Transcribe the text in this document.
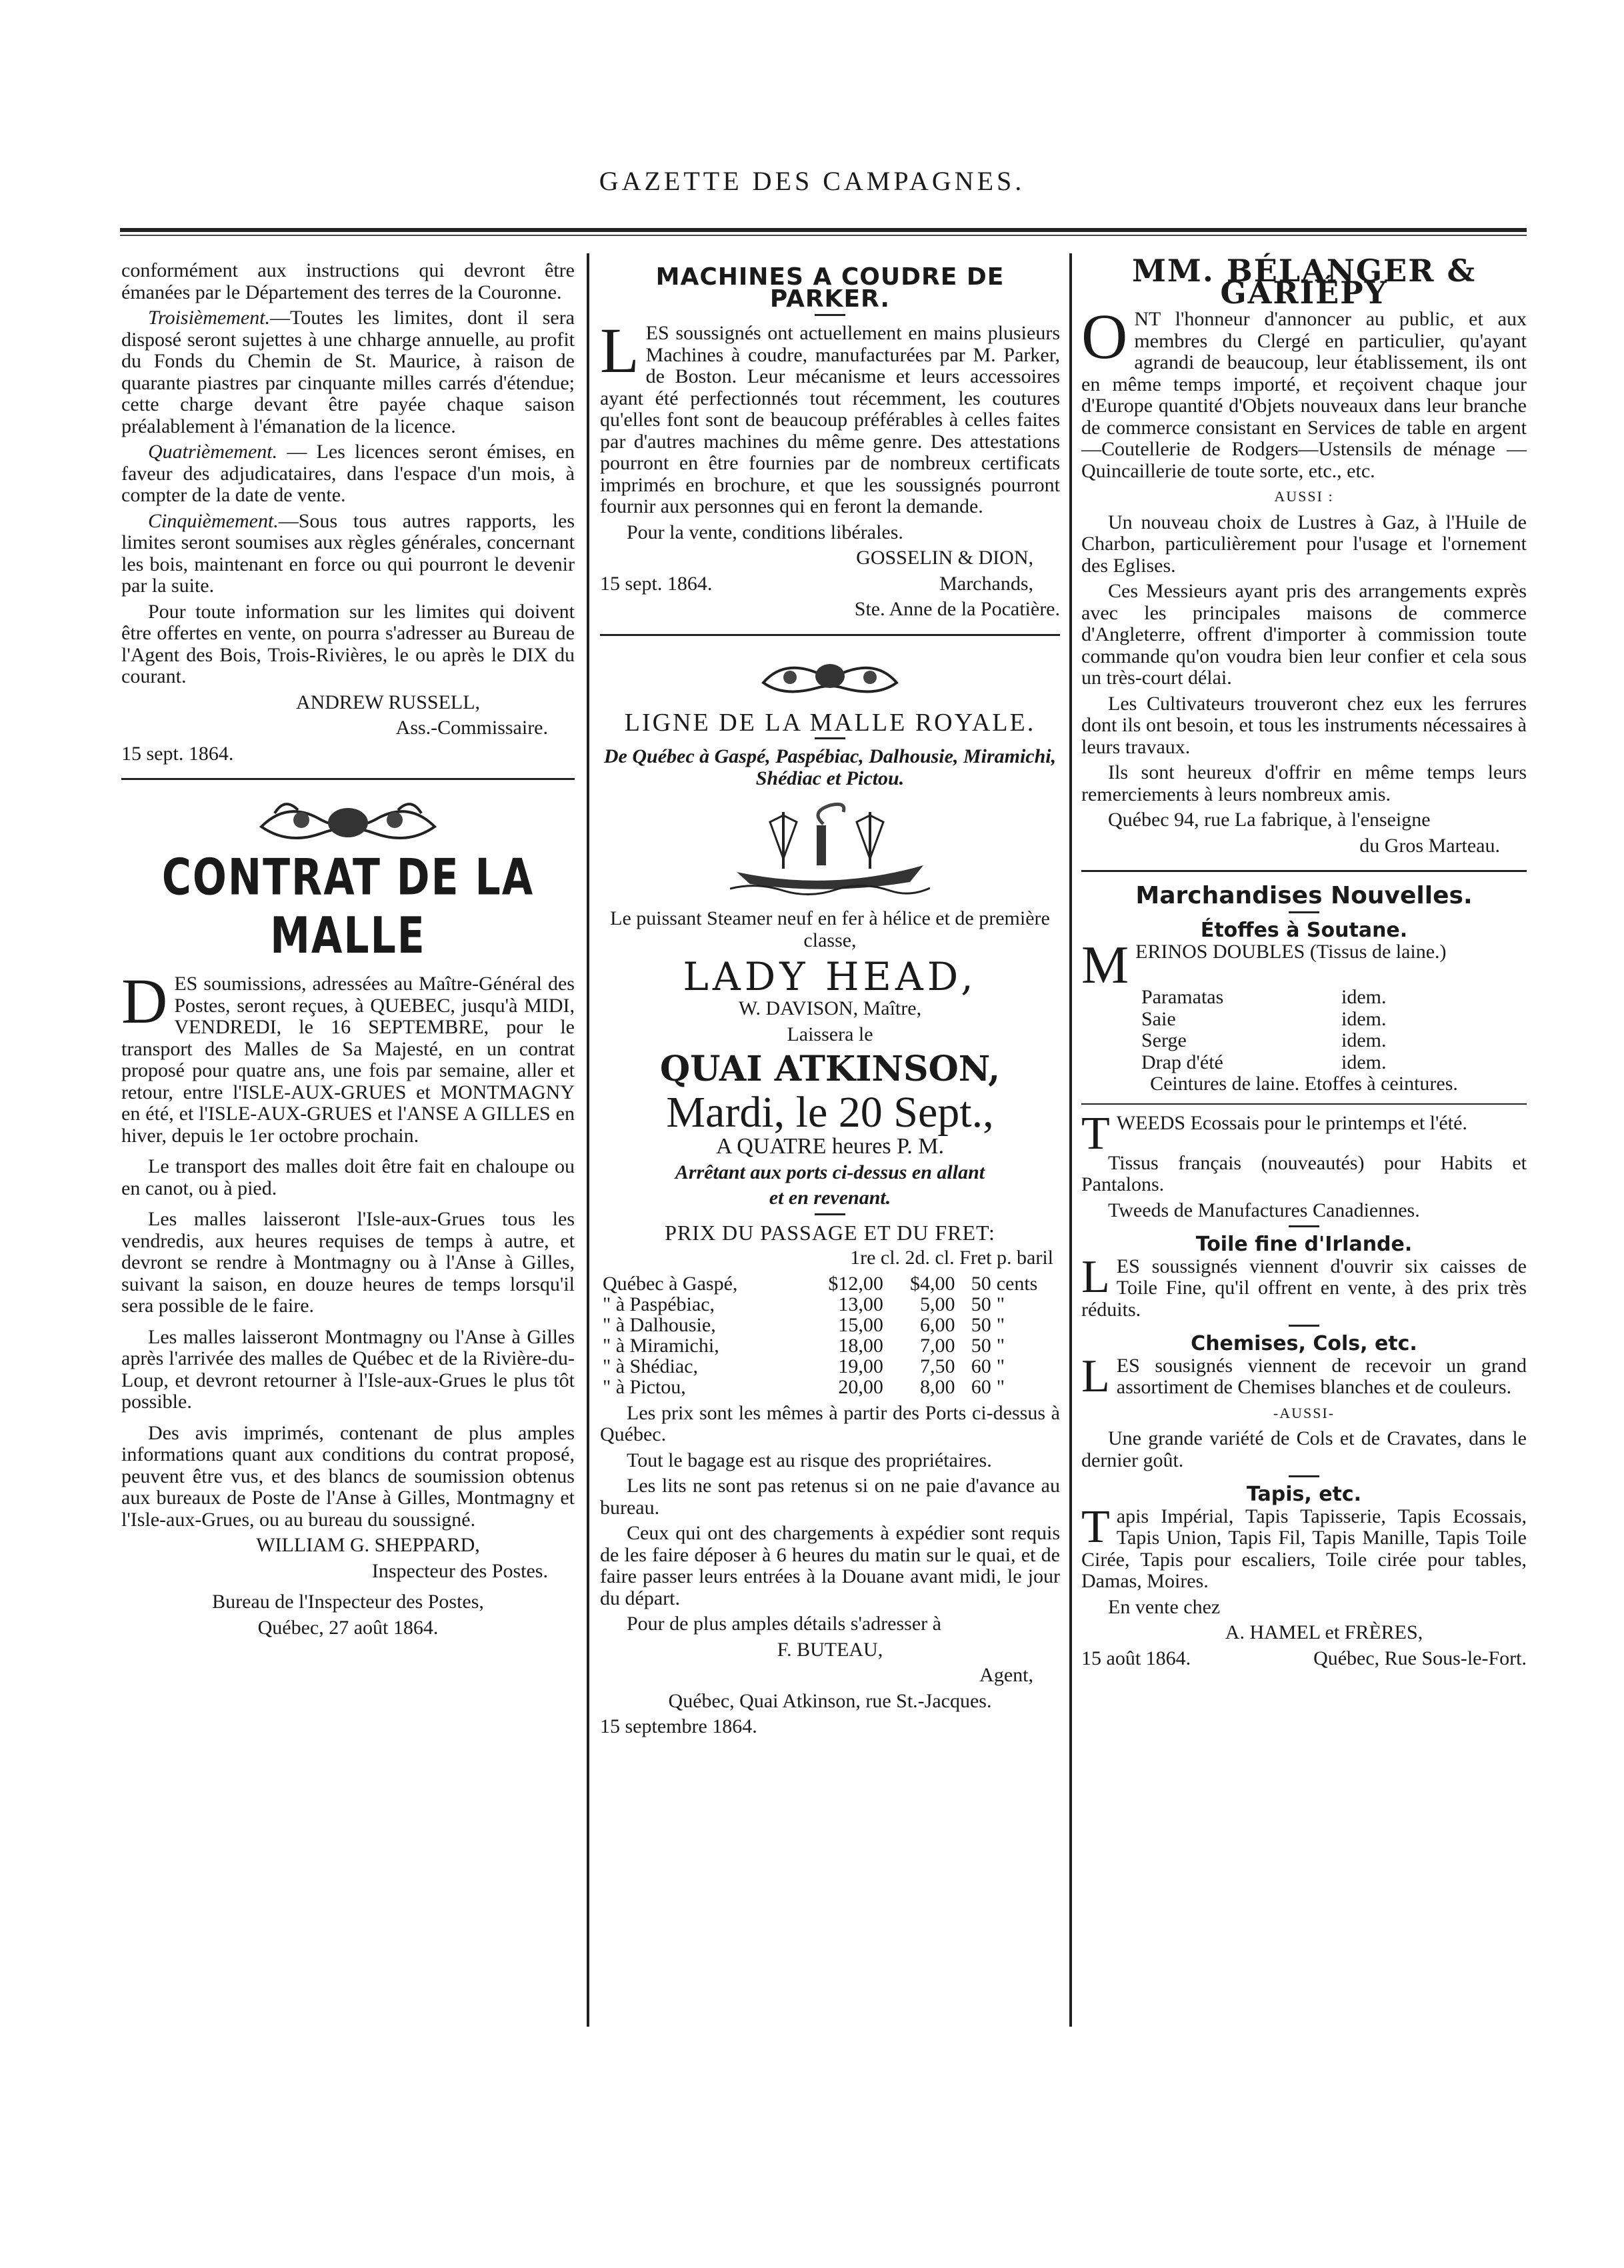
GAZETTE DES CAMPAGNES.

conformément aux instructions qui devront être émanées par le Département des terres de la Couronne.

Troisièmement.—Toutes les limites, dont il sera disposé seront sujettes à une chharge annuelle, au profit du Fonds du Chemin de St. Maurice, à raison de quarante piastres par cinquante milles carrés d'étendue; cette charge devant être payée chaque saison préalablement à l'émanation de la licence.

Quatrièmement. — Les licences seront émises, en faveur des adjudicataires, dans l'espace d'un mois, à compter de la date de vente.

Cinquièmement.—Sous tous autres rapports, les limites seront soumises aux règles générales, concernant les bois, maintenant en force ou qui pourront le devenir par la suite.

Pour toute information sur les limites qui doivent être offertes en vente, on pourra s'adresser au Bureau de l'Agent des Bois, Trois-Rivières, le ou après le DIX du courant.

ANDREW RUSSELL,

Ass.-Commissaire.

15 sept. 1864.

CONTRAT DE LA MALLE

DES soumissions, adressées au Maître-Général des Postes, seront reçues, à QUEBEC, jusqu'à MIDI, VENDREDI, le 16 SEPTEMBRE, pour le transport des Malles de Sa Majesté, en un contrat proposé pour quatre ans, une fois par semaine, aller et retour, entre l'ISLE-AUX-GRUES et MONTMAGNY en été, et l'ISLE-AUX-GRUES et l'ANSE A GILLES en hiver, depuis le 1er octobre prochain.

Le transport des malles doit être fait en chaloupe ou en canot, ou à pied.

Les malles laisseront l'Isle-aux-Grues tous les vendredis, aux heures requises de temps à autre, et devront se rendre à Montmagny ou à l'Anse à Gilles, suivant la saison, en douze heures de temps lorsqu'il sera possible de le faire.

Les malles laisseront Montmagny ou l'Anse à Gilles après l'arrivée des malles de Québec et de la Rivière-du-Loup, et devront retourner à l'Isle-aux-Grues le plus tôt possible.

Des avis imprimés, contenant de plus amples informations quant aux conditions du contrat proposé, peuvent être vus, et des blancs de soumission obtenus aux bureaux de Poste de l'Anse à Gilles, Montmagny et l'Isle-aux-Grues, ou au bureau du soussigné.

WILLIAM G. SHEPPARD,

Inspecteur des Postes.

Bureau de l'Inspecteur des Postes,

Québec, 27 août 1864.

MACHINES A COUDRE DE PARKER.

LES soussignés ont actuellement en mains plusieurs Machines à coudre, manufacturées par M. Parker, de Boston. Leur mécanisme et leurs accessoires ayant été perfectionnés tout récemment, les coutures qu'elles font sont de beaucoup préférables à celles faites par d'autres machines du même genre. Des attestations pourront en être fournies par de nombreux certificats imprimés en brochure, et que les soussignés pourront fournir aux personnes qui en feront la demande.

Pour la vente, conditions libérales.

GOSSELIN & DION,

15 sept. 1864.	Marchands,

Ste. Anne de la Pocatière.

LIGNE DE LA MALLE ROYALE.

De Québec à Gaspé, Paspébiac, Dalhousie, Miramichi, Shédiac et Pictou.

Le puissant Steamer neuf en fer à hélice et de première classe,

LADY HEAD,

W. DAVISON, Maître,

Laissera le

QUAI ATKINSON,
Mardi, le 20 Sept.,

A QUATRE heures P. M.

Arrêtant aux ports ci-dessus en allant

et en revenant.

PRIX DU PASSAGE ET DU FRET:

1re cl. 2d. cl. Fret p. baril

Québec à Gaspé,	$12,00	$4,00	50	cents
" à Paspébiac,	13,00	5,00	50	"
" à Dalhousie,	15,00	6,00	50	"
" à Miramichi,	18,00	7,00	50	"
" à Shédiac,	19,00	7,50	60	"
" à Pictou,	20,00	8,00	60	"

Les prix sont les mêmes à partir des Ports ci-dessus à Québec.

Tout le bagage est au risque des propriétaires.

Les lits ne sont pas retenus si on ne paie d'avance au bureau.

Ceux qui ont des chargements à expédier sont requis de les faire déposer à 6 heures du matin sur le quai, et de faire passer leurs entrées à la Douane avant midi, le jour du départ.

Pour de plus amples détails s'adresser à

F. BUTEAU,

Agent,

Québec, Quai Atkinson, rue St.-Jacques.

15 septembre 1864.

MM. BÉLANGER & GARIÉPY

ONT l'honneur d'annoncer au public, et aux membres du Clergé en particulier, qu'ayant agrandi de beaucoup, leur établissement, ils ont en même temps importé, et reçoivent chaque jour d'Europe quantité d'Objets nouveaux dans leur branche de commerce consistant en Services de table en argent—Coutellerie de Rodgers—Ustensils de ménage — Quincaillerie de toute sorte, etc., etc.

AUSSI :

Un nouveau choix de Lustres à Gaz, à l'Huile de Charbon, particulièrement pour l'usage et l'ornement des Eglises.

Ces Messieurs ayant pris des arrangements exprès avec les principales maisons de commerce d'Angleterre, offrent d'importer à commission toute commande qu'on voudra bien leur confier et cela sous un très-court délai.

Les Cultivateurs trouveront chez eux les ferrures dont ils ont besoin, et tous les instruments nécessaires à leurs travaux.

Ils sont heureux d'offrir en même temps leurs remerciements à leurs nombreux amis.

Québec 94, rue La fabrique, à l'enseigne

du Gros Marteau.

Marchandises Nouvelles.
Étoffes à Soutane.

MERINOS DOUBLES (Tissus de laine.)

Paramatas	idem.
Saie	idem.
Serge	idem.
Drap d'été	idem.

Ceintures de laine. Etoffes à ceintures.

TWEEDS Ecossais pour le printemps et l'été.

Tissus français (nouveautés) pour Habits et Pantalons.

Tweeds de Manufactures Canadiennes.

Toile fine d'Irlande.

LES soussignés viennent d'ouvrir six caisses de Toile Fine, qu'il offrent en vente, à des prix très réduits.

Chemises, Cols, etc.

LES sousignés viennent de recevoir un grand assortiment de Chemises blanches et de couleurs.

-AUSSI-

Une grande variété de Cols et de Cravates, dans le dernier goût.

Tapis, etc.

Tapis Impérial, Tapis Tapisserie, Tapis Ecossais, Tapis Union, Tapis Fil, Tapis Manille, Tapis Toile Cirée, Tapis pour escaliers, Toile cirée pour tables, Damas, Moires.

En vente chez

A. HAMEL et FRÈRES,

15 août 1864.	Québec, Rue Sous-le-Fort.
